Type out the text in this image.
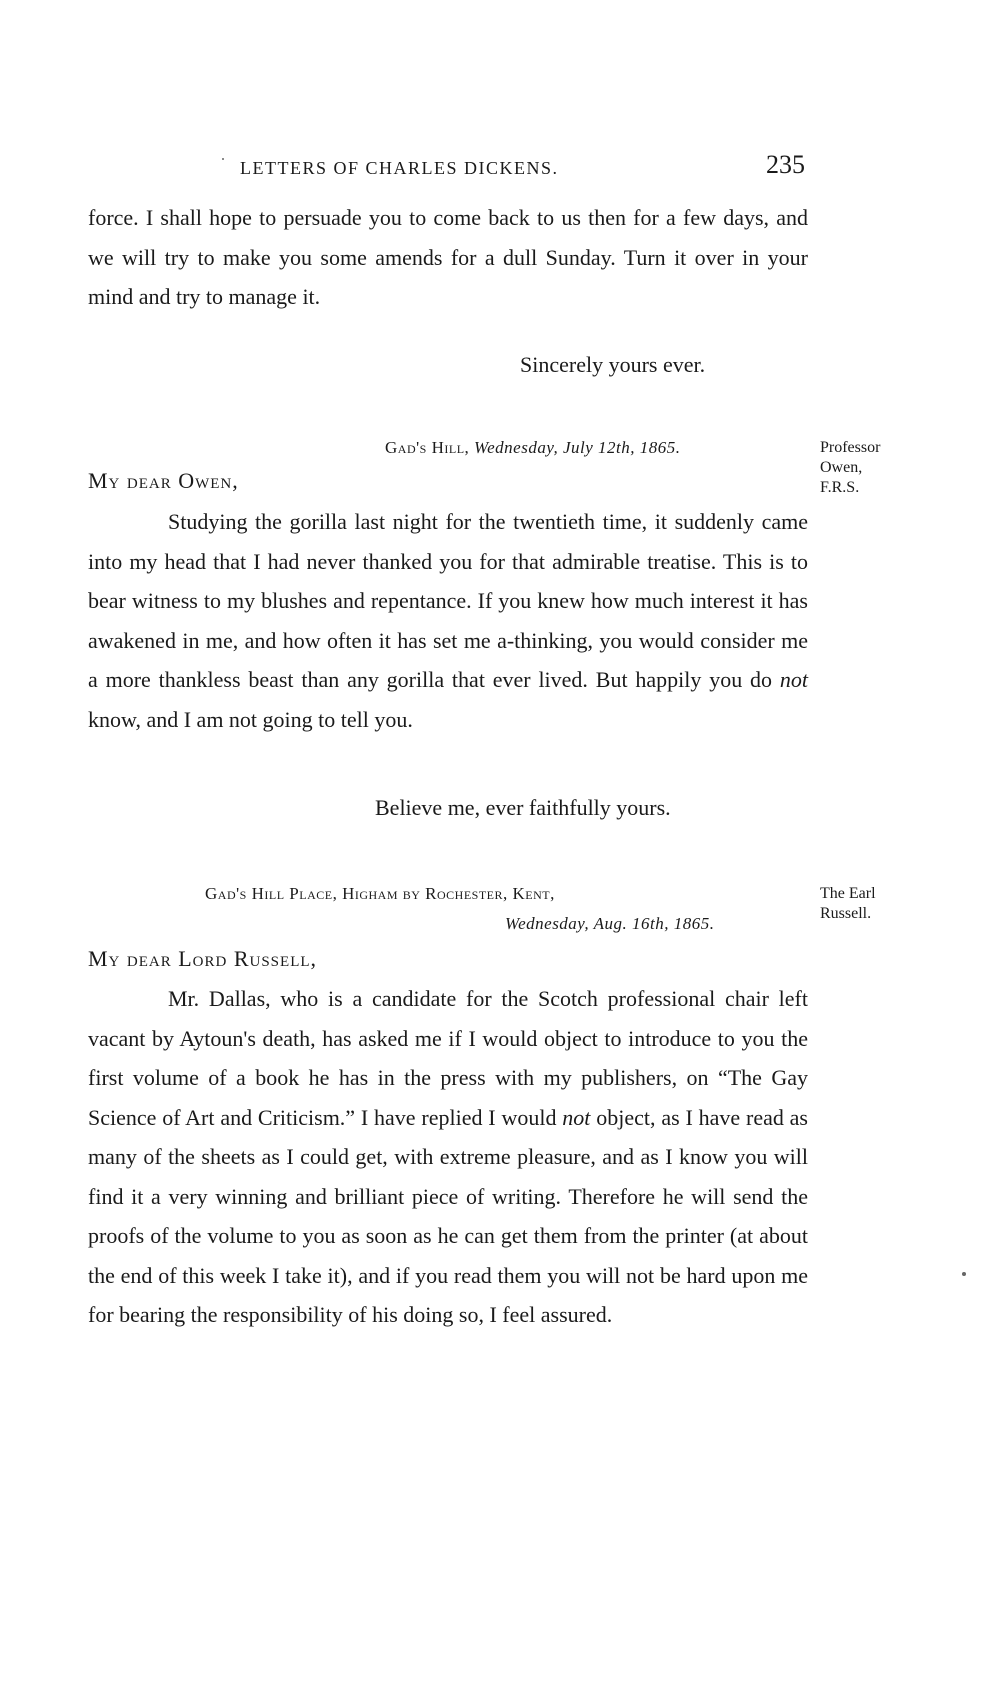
LETTERS OF CHARLES DICKENS.	235

force. I shall hope to persuade you to come back to us then for a few days, and we will try to make you some amends for a dull Sunday. Turn it over in your mind and try to manage it.

Sincerely yours ever.
Gad's Hill, Wednesday, July 12th, 1865.	Professor
Owen,
F.R.S.
My dear Owen,

Studying the gorilla last night for the twentieth time, it suddenly came into my head that I had never thanked you for that admirable treatise. This is to bear witness to my blushes and repentance. If you knew how much interest it has awakened in me, and how often it has set me a-thinking, you would consider me a more thankless beast than any gorilla that ever lived. But happily you do not know, and I am not going to tell you.

Believe me, ever faithfully yours.
Gad's Hill Place, Higham by Rochester, Kent,
Wednesday, Aug. 16th, 1865.
The Earl
Russell.
My dear Lord Russell,

Mr. Dallas, who is a candidate for the Scotch professional chair left vacant by Aytoun's death, has asked me if I would object to introduce to you the first volume of a book he has in the press with my publishers, on “The Gay Science of Art and Criticism.” I have replied I would not object, as I have read as many of the sheets as I could get, with extreme pleasure, and as I know you will find it a very winning and brilliant piece of writing. Therefore he will send the proofs of the volume to you as soon as he can get them from the printer (at about the end of this week I take it), and if you read them you will not be hard upon me for bearing the responsibility of his doing so, I feel assured.
